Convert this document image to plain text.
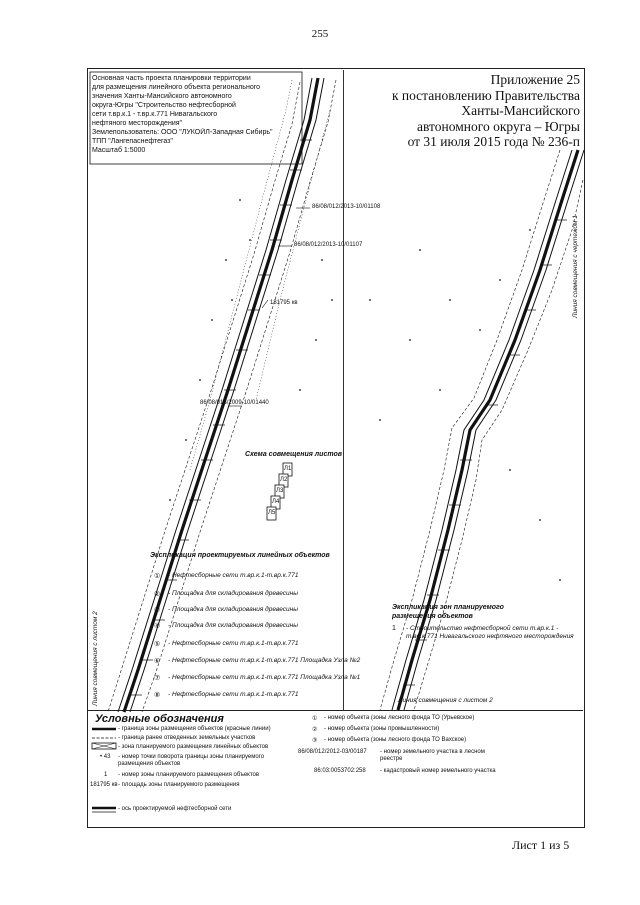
255
Основная часть проекта планировки территории
для размещения линейного объекта регионального
значения Ханты-Мансийского автономного
округа-Югры "Строительство нефтесборной
сети т.вр.к.1 - т.вр.к.771 Нивагальского
нефтяного месторождения"
Землепользователь: ООО "ЛУКОЙЛ-Западная Сибирь"
ТПП "Лангепаснефтегаз"
Масштаб 1:5000
Приложение 25
к постановлению Правительства
Ханты-Мансийского
автономного округа – Югры
от 31 июля 2015 года № 236-п
86/08/012/2013-10/01108
86/08/012/2013-10/01107
86/08/016/2009-10/01440
181795 кв
Схема совмещения листов
Л1
Л2
Л3
Л4
Л5
Экспликация проектируемых линейных объектов
① - Нефтесборные сети т.вр.к.1-т.вр.к.771
② - Площадка для складирования древесины
③ - Площадка для складирования древесины
④ - Площадка для складирования древесины
⑤ - Нефтесборные сети т.вр.к.1-т.вр.к.771
⑥ - Нефтесборные сети т.вр.к.1-т.вр.к.771 Площадка Узла №2
⑦ - Нефтесборные сети т.вр.к.1-т.вр.к.771 Площадка Узла №1
⑧ - Нефтесборные сети т.вр.к.1-т.вр.к.771
Экспликация зон планируемого размещения объектов
1 - Строительство нефтесборной сети т.вр.к.1 - т.вр.к.771 Нивагальского нефтяного месторождения
Линия совмещения с листом 2
Линия совмещения с чертежом 1
Линия совмещения с листом 2
Условные обозначения
- граница зоны размещения объектов (красные линии)
- граница ранее отведенных земельных участков
- зона планируемого размещения линейных объектов
• 43 - номер точки поворота границы зоны планируемого размещения объектов
1 - номер зоны планируемого размещения объектов
181795 кв - площадь зоны планируемого размещения
- ось проектируемой нефтесборной сети
① - номер объекта (зоны лесного фонда ТО (Урьевское)
② - номер объекта (зоны промышленности)
③ - номер объекта (зоны лесного фонда ТО Вахское)
86/08/012/2012-03/00187 - номер земельного участка в лесном реестре
86:03:0053702:258 - кадастровый номер земельного участка
Лист 1 из 5
